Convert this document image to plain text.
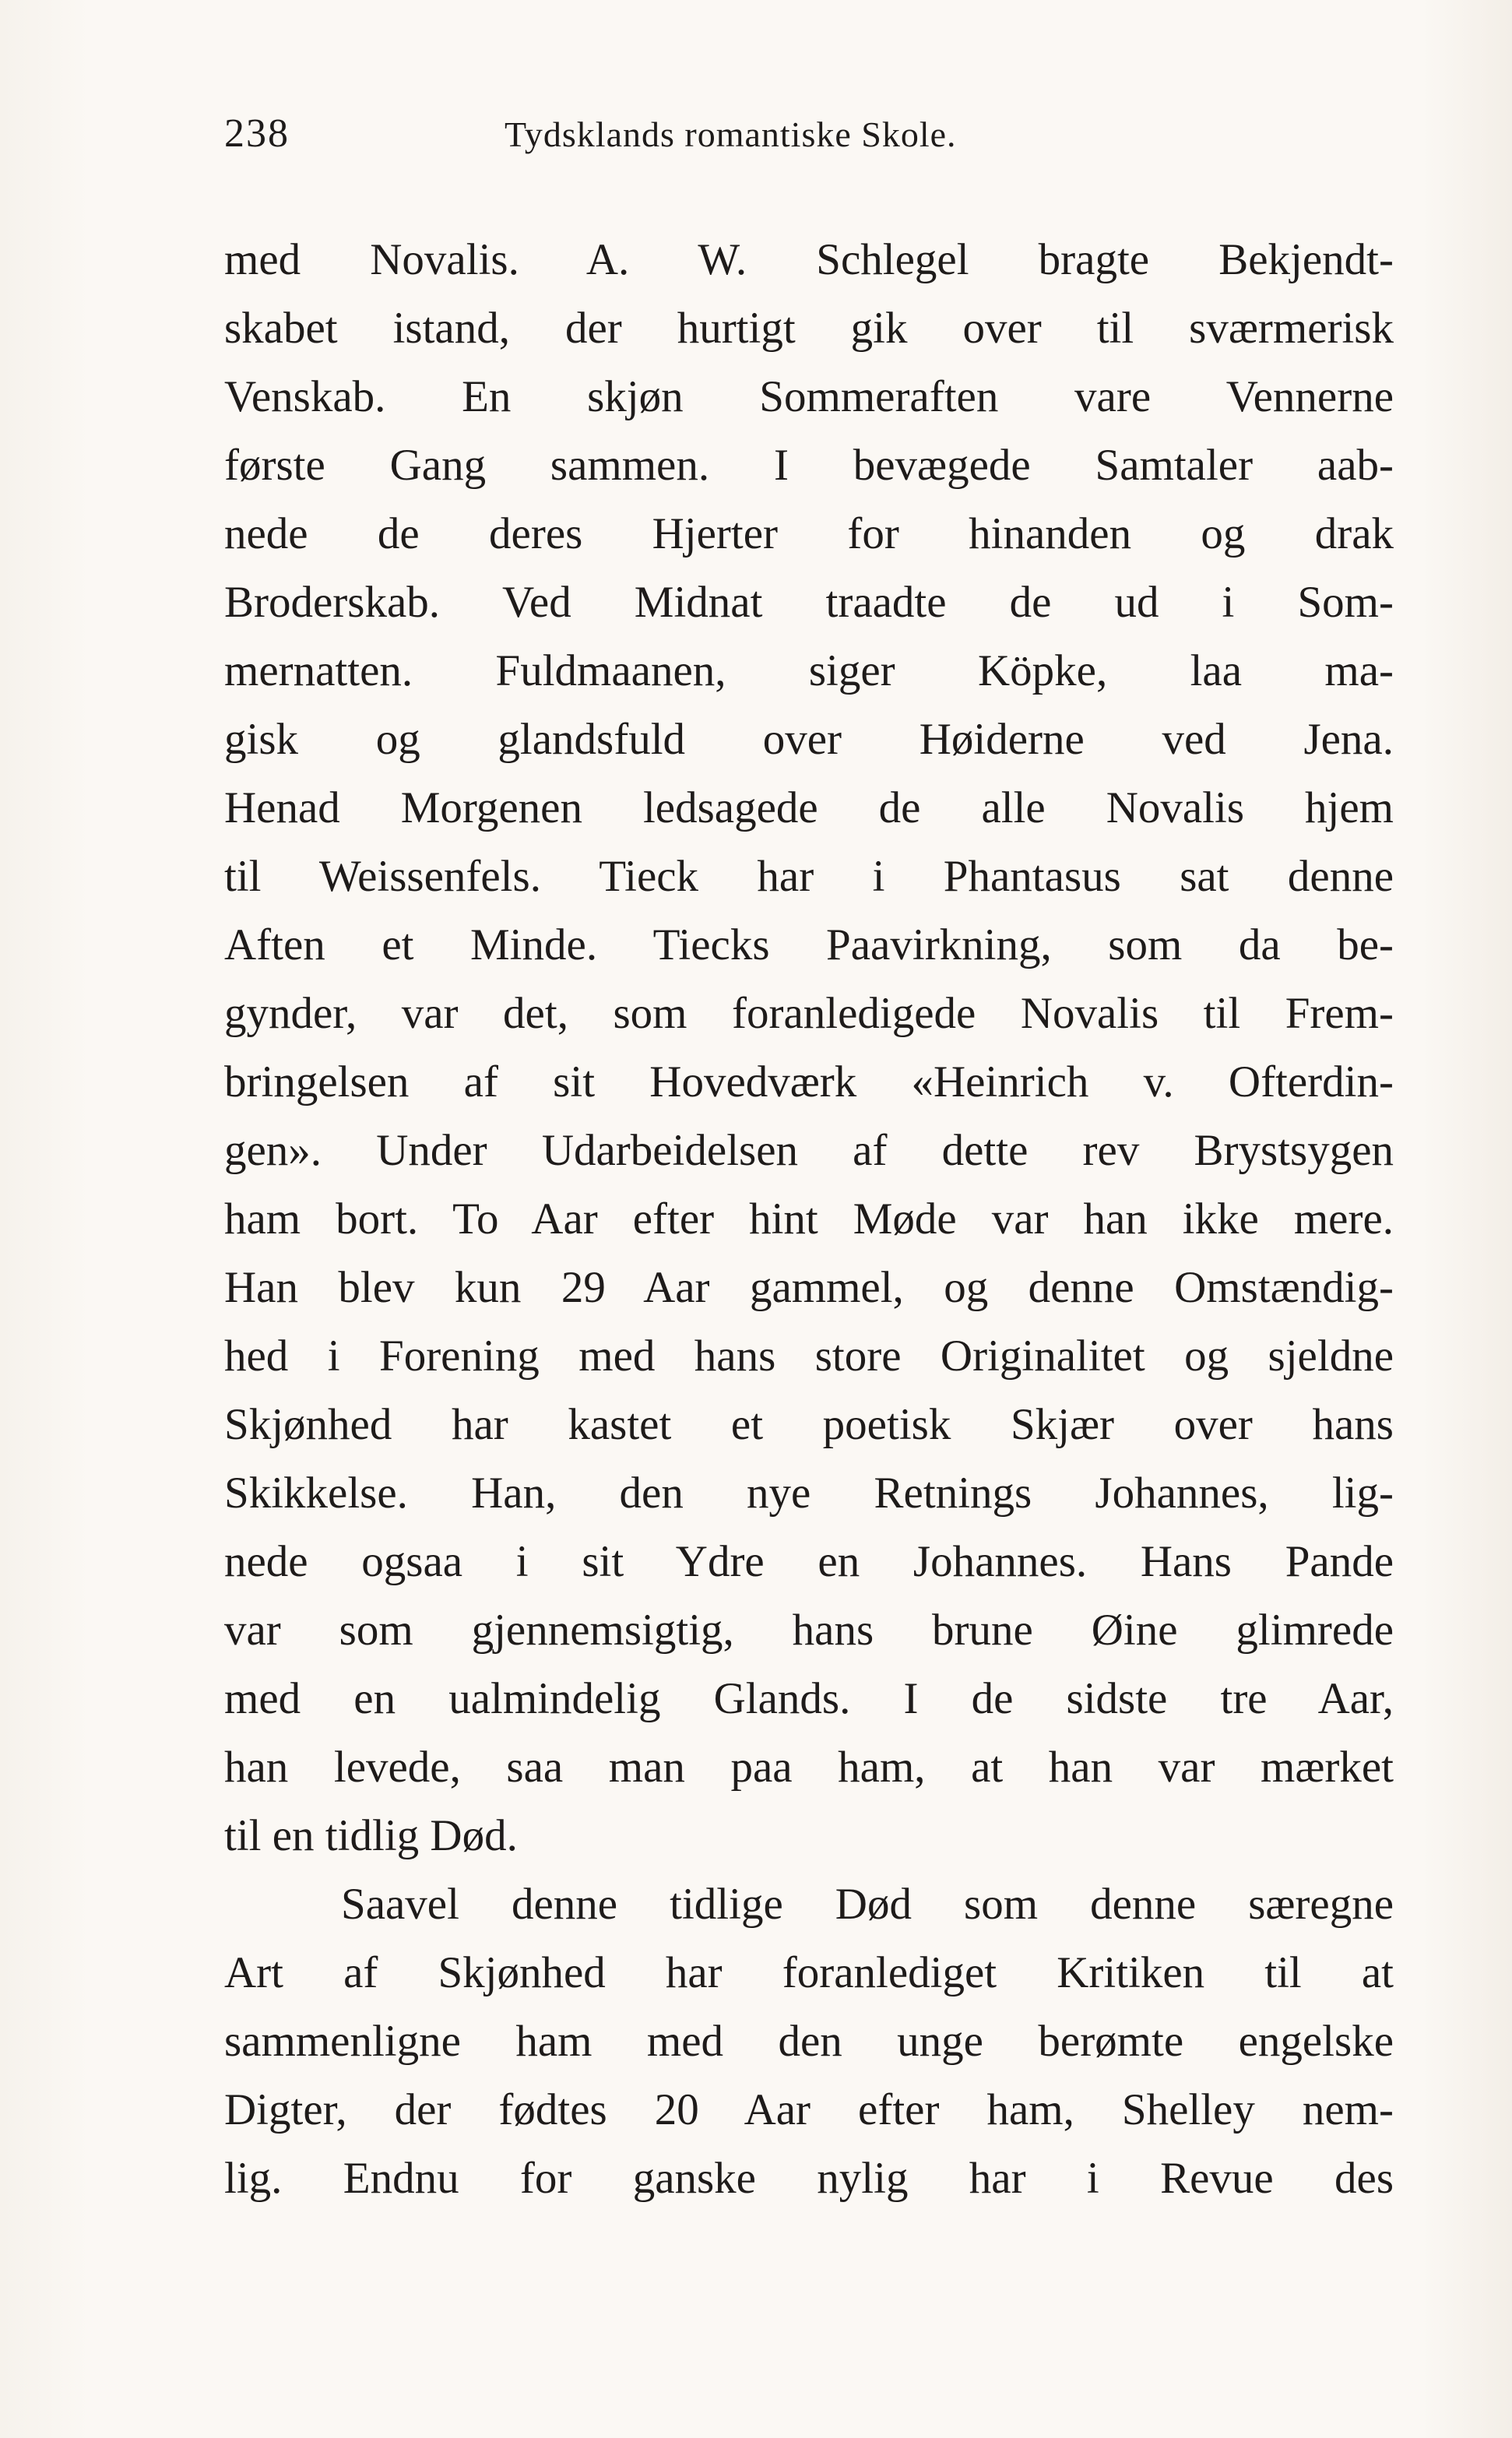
238	Tydsklands romantiske Skole.
med Novalis. A. W. Schlegel bragte Bekjendt-
skabet istand, der hurtigt gik over til sværmerisk
Venskab. En skjøn Sommeraften vare Vennerne
første Gang sammen. I bevægede Samtaler aab-
nede de deres Hjerter for hinanden og drak
Broderskab. Ved Midnat traadte de ud i Som-
mernatten. Fuldmaanen, siger Köpke, laa ma-
gisk og glandsfuld over Høiderne ved Jena.
Henad Morgenen ledsagede de alle Novalis hjem
til Weissenfels. Tieck har i Phantasus sat denne
Aften et Minde. Tiecks Paavirkning, som da be-
gynder, var det, som foranledigede Novalis til Frem-
bringelsen af sit Hovedværk «Heinrich v. Ofterdin-
gen». Under Udarbeidelsen af dette rev Brystsygen
ham bort. To Aar efter hint Møde var han ikke mere.
Han blev kun 29 Aar gammel, og denne Omstændig-
hed i Forening med hans store Originalitet og sjeldne
Skjønhed har kastet et poetisk Skjær over hans
Skikkelse. Han, den nye Retnings Johannes, lig-
nede ogsaa i sit Ydre en Johannes. Hans Pande
var som gjennemsigtig, hans brune Øine glimrede
med en ualmindelig Glands. I de sidste tre Aar,
han levede, saa man paa ham, at han var mærket
til en tidlig Død.
Saavel denne tidlige Død som denne særegne
Art af Skjønhed har foranlediget Kritiken til at
sammenligne ham med den unge berømte engelske
Digter, der fødtes 20 Aar efter ham, Shelley nem-
lig. Endnu for ganske nylig har i Revue des
